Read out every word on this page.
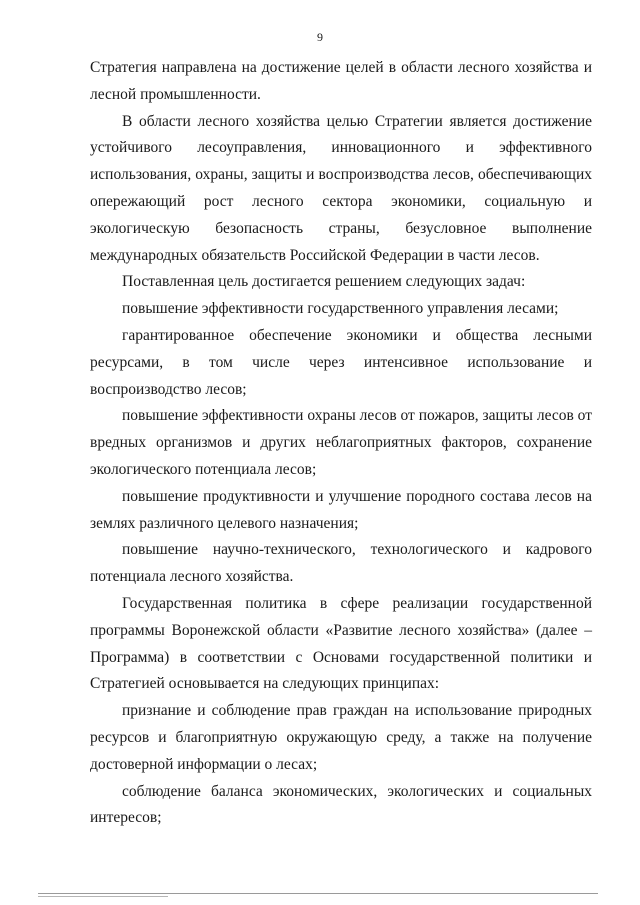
9

Стратегия направлена на достижение целей в области лесного хозяйства и лесной промышленности.

В области лесного хозяйства целью Стратегии является достижение устойчивого лесоуправления, инновационного и эффективного использования, охраны, защиты и воспроизводства лесов, обеспечивающих опережающий рост лесного сектора экономики, социальную и экологическую безопасность страны, безусловное выполнение международных обязательств Российской Федерации в части лесов.

Поставленная цель достигается решением следующих задач:

повышение эффективности государственного управления лесами;

гарантированное обеспечение экономики и общества лесными ресурсами, в том числе через интенсивное использование и воспроизводство лесов;

повышение эффективности охраны лесов от пожаров, защиты лесов от вредных организмов и других неблагоприятных факторов, сохранение экологического потенциала лесов;

повышение продуктивности и улучшение породного состава лесов на землях различного целевого назначения;

повышение научно-технического, технологического и кадрового потенциала лесного хозяйства.

Государственная политика в сфере реализации государственной программы Воронежской области «Развитие лесного хозяйства» (далее – Программа) в соответствии с Основами государственной политики и Стратегией основывается на следующих принципах:

признание и соблюдение прав граждан на использование природных ресурсов и благоприятную окружающую среду, а также на получение достоверной информации о лесах;

соблюдение баланса экономических, экологических и социальных интересов;
